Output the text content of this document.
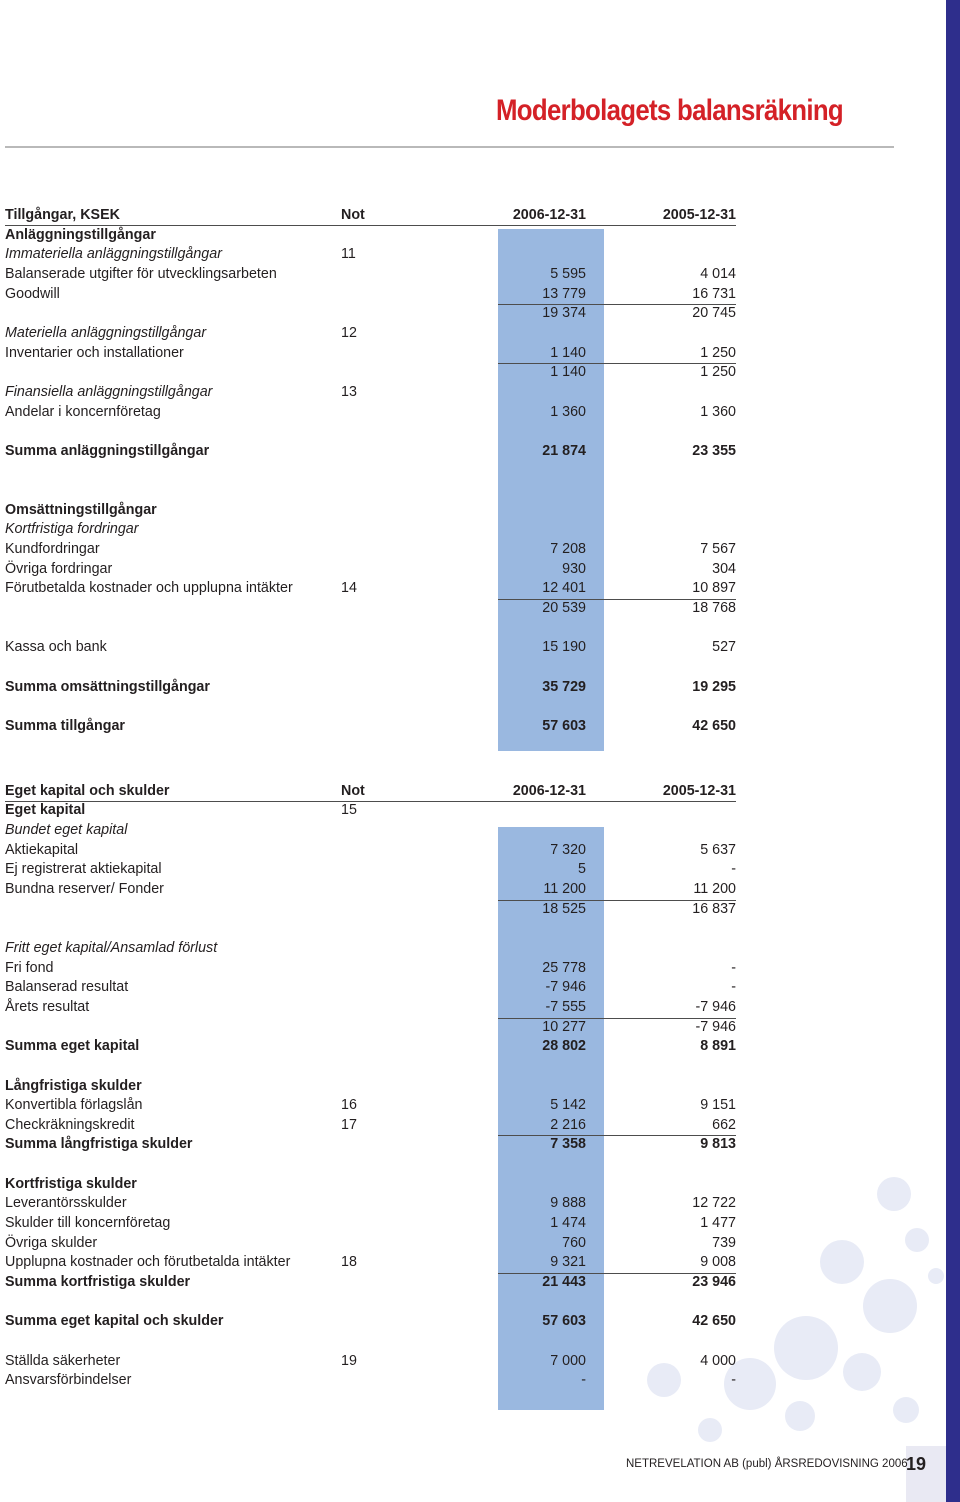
Moderbolagets balansräkning
Tillgångar, KSEK	Not	2006-12-31	2005-12-31
Anläggningstillgångar
Immateriella anläggningstillgångar	11
Balanserade utgifter för utvecklingsarbeten	5 595	4 014
Goodwill	13 779	16 731
19 374	20 745
Materiella anläggningstillgångar	12
Inventarier och installationer	1 140	1 250
1 140	1 250
Finansiella anläggningstillgångar	13
Andelar i koncernföretag	1 360	1 360
Summa anläggningstillgångar	21 874	23 355
Omsättningstillgångar
Kortfristiga fordringar
Kundfordringar	7 208	7 567
Övriga fordringar	930	304
Förutbetalda kostnader och upplupna intäkter	14	12 401	10 897
20 539	18 768
Kassa och bank	15 190	527
Summa omsättningstillgångar	35 729	19 295
Summa tillgångar	57 603	42 650
Eget kapital och skulder	Not	2006-12-31	2005-12-31
Eget kapital	15
Bundet eget kapital
Aktiekapital	7 320	5 637
Ej registrerat aktiekapital	5	-
Bundna reserver/ Fonder	11 200	11 200
18 525	16 837
Fritt eget kapital/Ansamlad förlust
Fri fond	25 778	-
Balanserad resultat	-7 946	-
Årets resultat	-7 555	-7 946
10 277	-7 946
Summa eget kapital	28 802	8 891
Långfristiga skulder
Konvertibla förlagslån	16	5 142	9 151
Checkräkningskredit	17	2 216	662
Summa långfristiga skulder	7 358	9 813
Kortfristiga skulder
Leverantörsskulder	9 888	12 722
Skulder till koncernföretag	1 474	1 477
Övriga skulder	760	739
Upplupna kostnader och förutbetalda intäkter	18	9 321	9 008
Summa kortfristiga skulder	21 443	23 946
Summa eget kapital och skulder	57 603	42 650
Ställda säkerheter	19	7 000	4 000
Ansvarsförbindelser	-	-
NETREVELATION AB (publ) ÅRSREDOVISNING 2006
19
